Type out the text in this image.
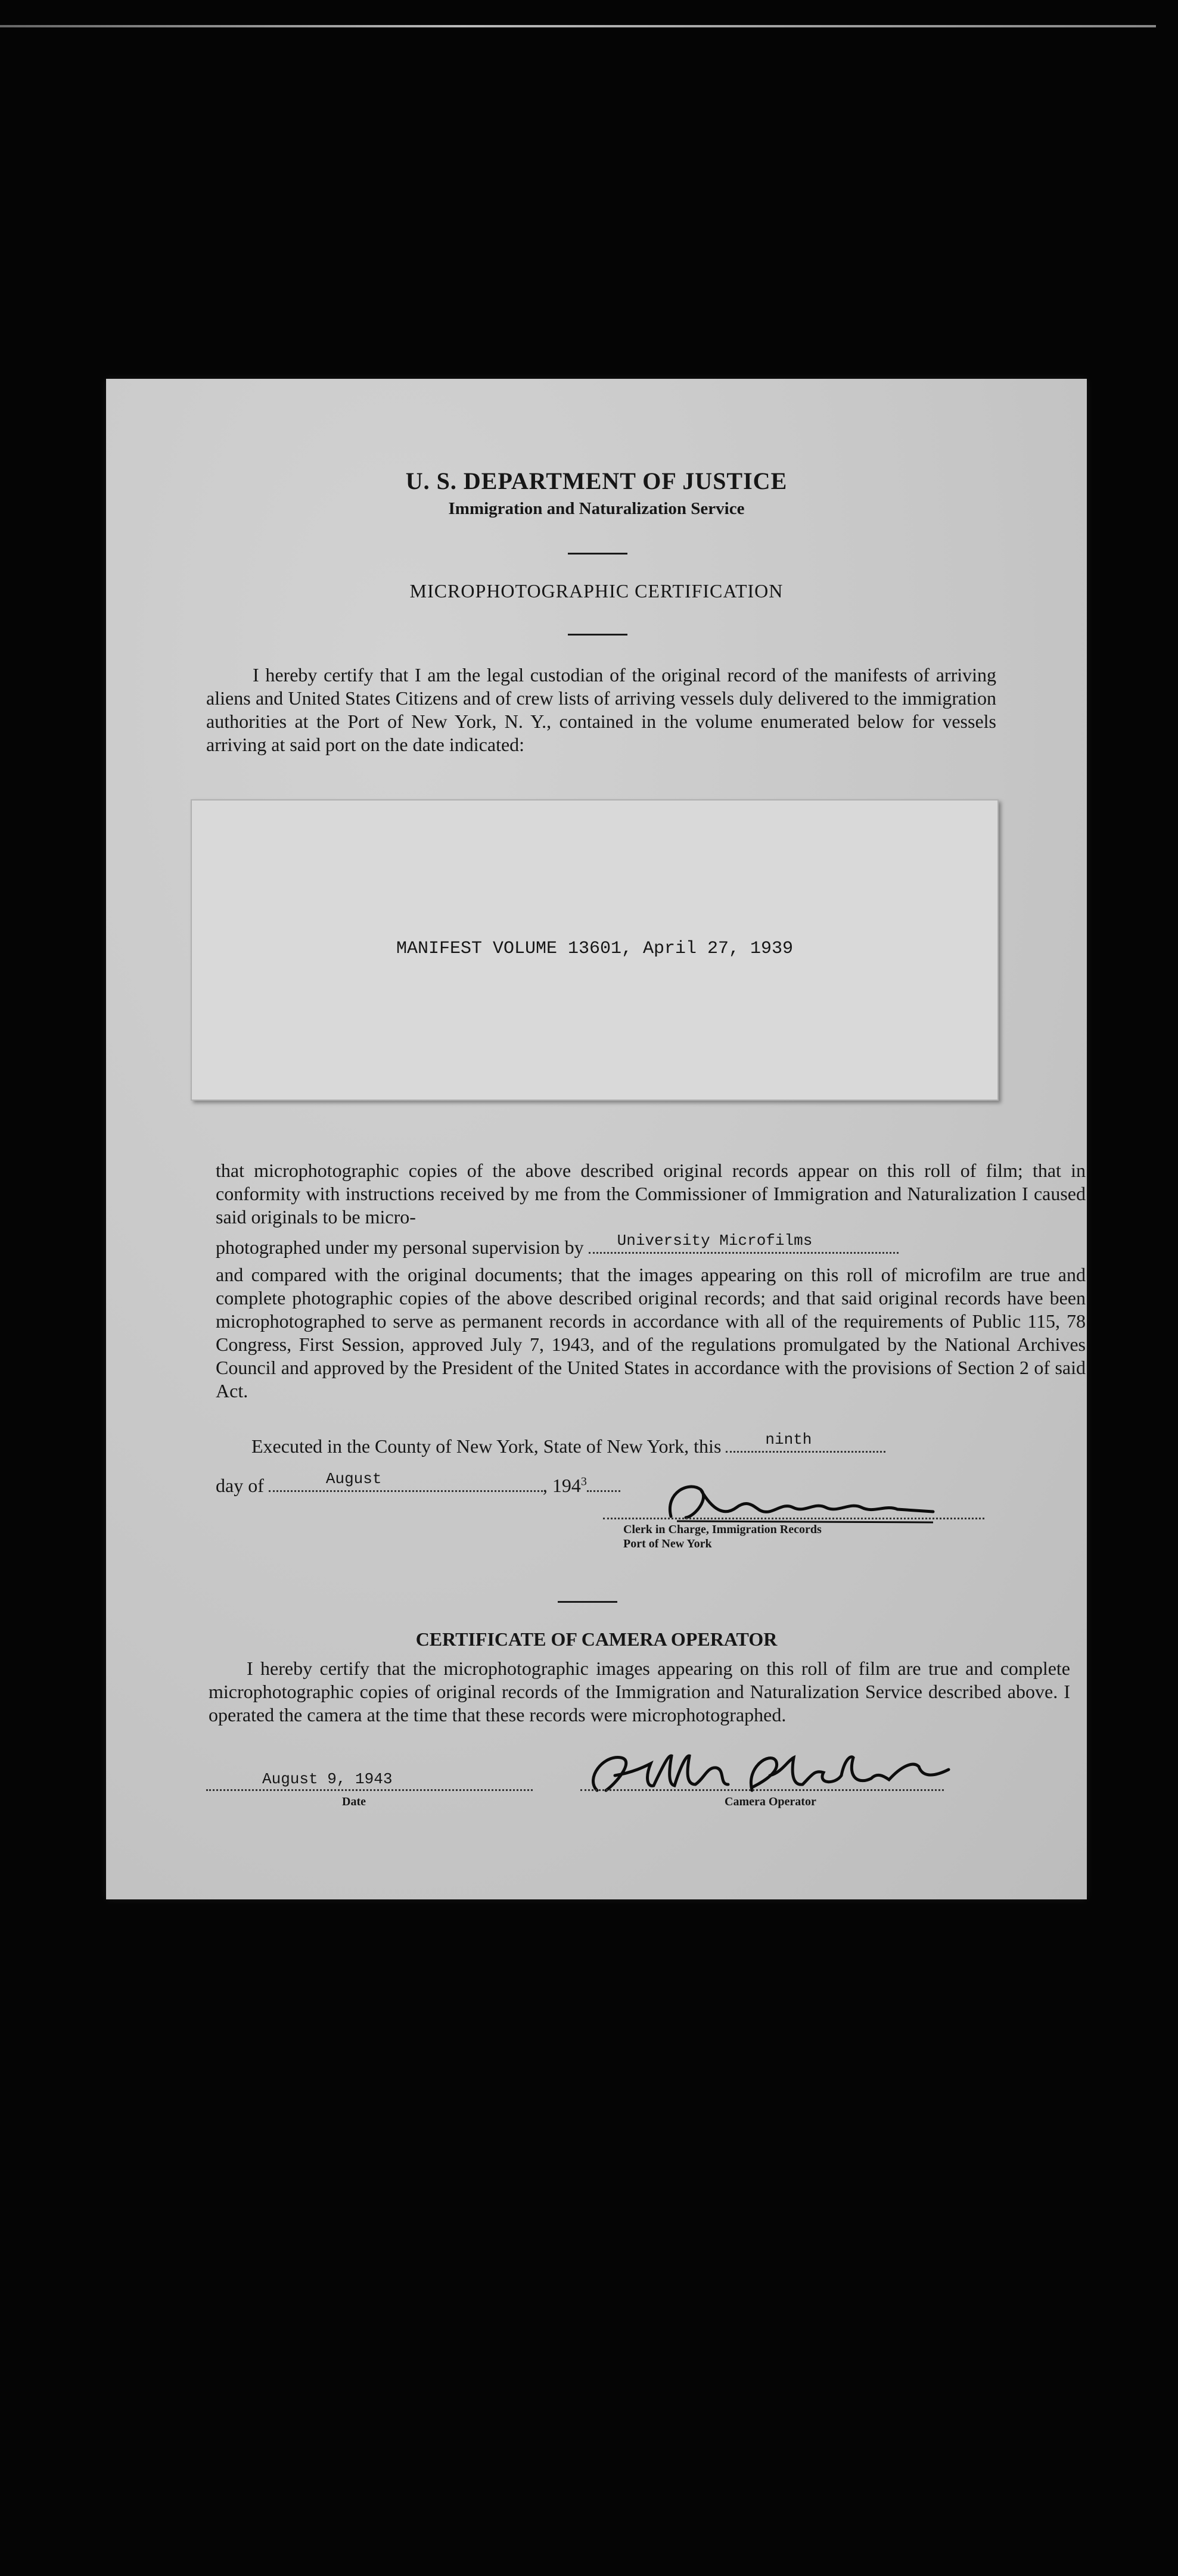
U. S. DEPARTMENT OF JUSTICE
Immigration and Naturalization Service
MICROPHOTOGRAPHIC CERTIFICATION
I hereby certify that I am the legal custodian of the original record of the manifests of arriving aliens and United States Citizens and of crew lists of arriving vessels duly delivered to the immigration authorities at the Port of New York, N. Y., contained in the volume enumerated below for vessels arriving at said port on the date indicated:
MANIFEST VOLUME 13601, April 27, 1939
that microphotographic copies of the above described original records appear on this roll of film; that in conformity with instructions received by me from the Commissioner of Immigration and Naturalization I caused said originals to be micro-
photographed under my personal supervision by University Microfilms
and compared with the original documents; that the images appearing on this roll of microfilm are true and complete photographic copies of the above described original records; and that said original records have been microphotographed to serve as permanent records in accordance with all of the requirements of Public 115, 78 Congress, First Session, approved July 7, 1943, and of the regulations promulgated by the National Archives Council and approved by the President of the United States in accordance with the provisions of Section 2 of said Act.
Executed in the County of New York, State of New York, this	ninth
day of	August	, $194^3$
Clerk in Charge, Immigration Records
Port of New York
CERTIFICATE OF CAMERA OPERATOR
I hereby certify that the microphotographic images appearing on this roll of film are true and complete microphotographic copies of original records of the Immigration and Naturalization Service described above. I operated the camera at the time that these records were microphotographed.
August 9, 1943
Date	Camera Operator
